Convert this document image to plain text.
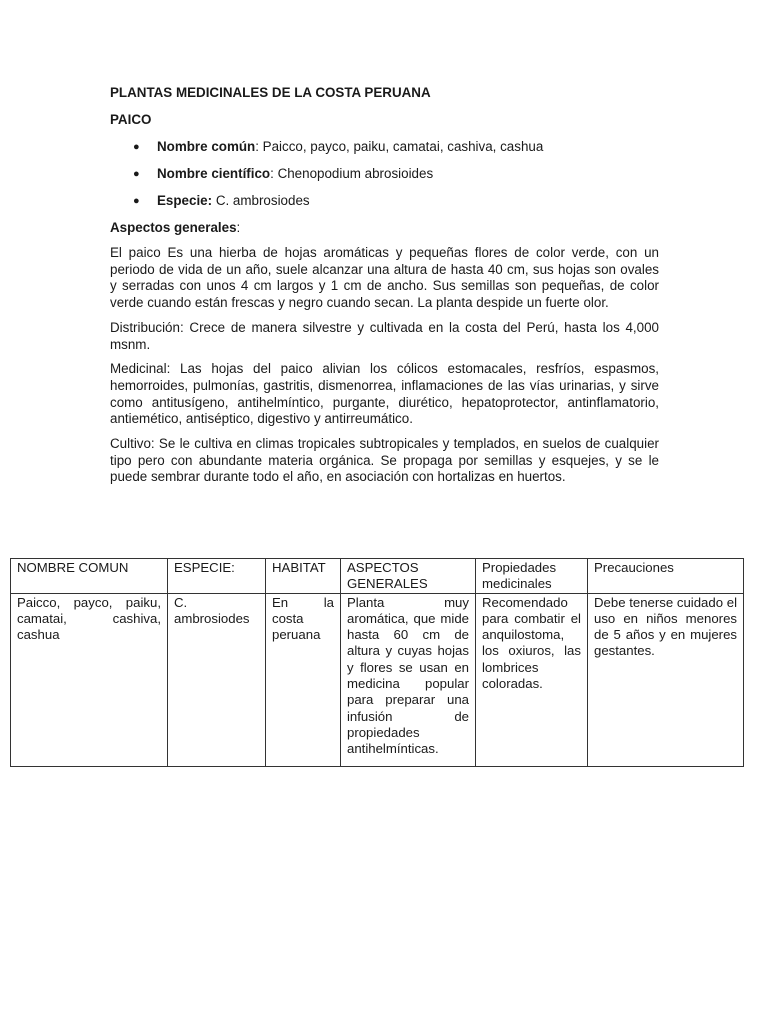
PLANTAS MEDICINALES DE LA COSTA PERUANA

PAICO

● Nombre común: Paicco, payco, paiku, camatai, cashiva, cashua
● Nombre científico: Chenopodium abrosioides
● Especie: C. ambrosiodes

Aspectos generales:

El paico Es una hierba de hojas aromáticas y pequeñas flores de color verde, con un periodo de vida de un año, suele alcanzar una altura de hasta 40 cm, sus hojas son ovales y serradas con unos 4 cm largos y 1 cm de ancho. Sus semillas son pequeñas, de color verde cuando están frescas y negro cuando secan. La planta despide un fuerte olor.

Distribución: Crece de manera silvestre y cultivada en la costa del Perú, hasta los 4,000 msnm.

Medicinal: Las hojas del paico alivian los cólicos estomacales, resfríos, espasmos, hemorroides, pulmonías, gastritis, dismenorrea, inflamaciones de las vías urinarias, y sirve como antitusígeno, antihelmíntico, purgante, diurético, hepatoprotector, antinflamatorio, antiemético, antiséptico, digestivo y antirreumático.

Cultivo: Se le cultiva en climas tropicales subtropicales y templados, en suelos de cualquier tipo pero con abundante materia orgánica. Se propaga por semillas y esquejes, y se le puede sembrar durante todo el año, en asociación con hortalizas en huertos.

NOMBRE COMUN	ESPECIE:	HABITAT	ASPECTOS GENERALES	Propiedades medicinales	Precauciones
Paicco, payco, paiku, camatai, cashiva, cashua	C. ambrosiodes	En la costa peruana	Planta muy aromática, que mide hasta 60 cm de altura y cuyas hojas y flores se usan en medicina popular para preparar una infusión de propiedades antihelmínticas.	Recomendado para combatir el anquilostoma, los oxiuros, las lombrices coloradas.	Debe tenerse cuidado el uso en niños menores de 5 años y en mujeres gestantes.
